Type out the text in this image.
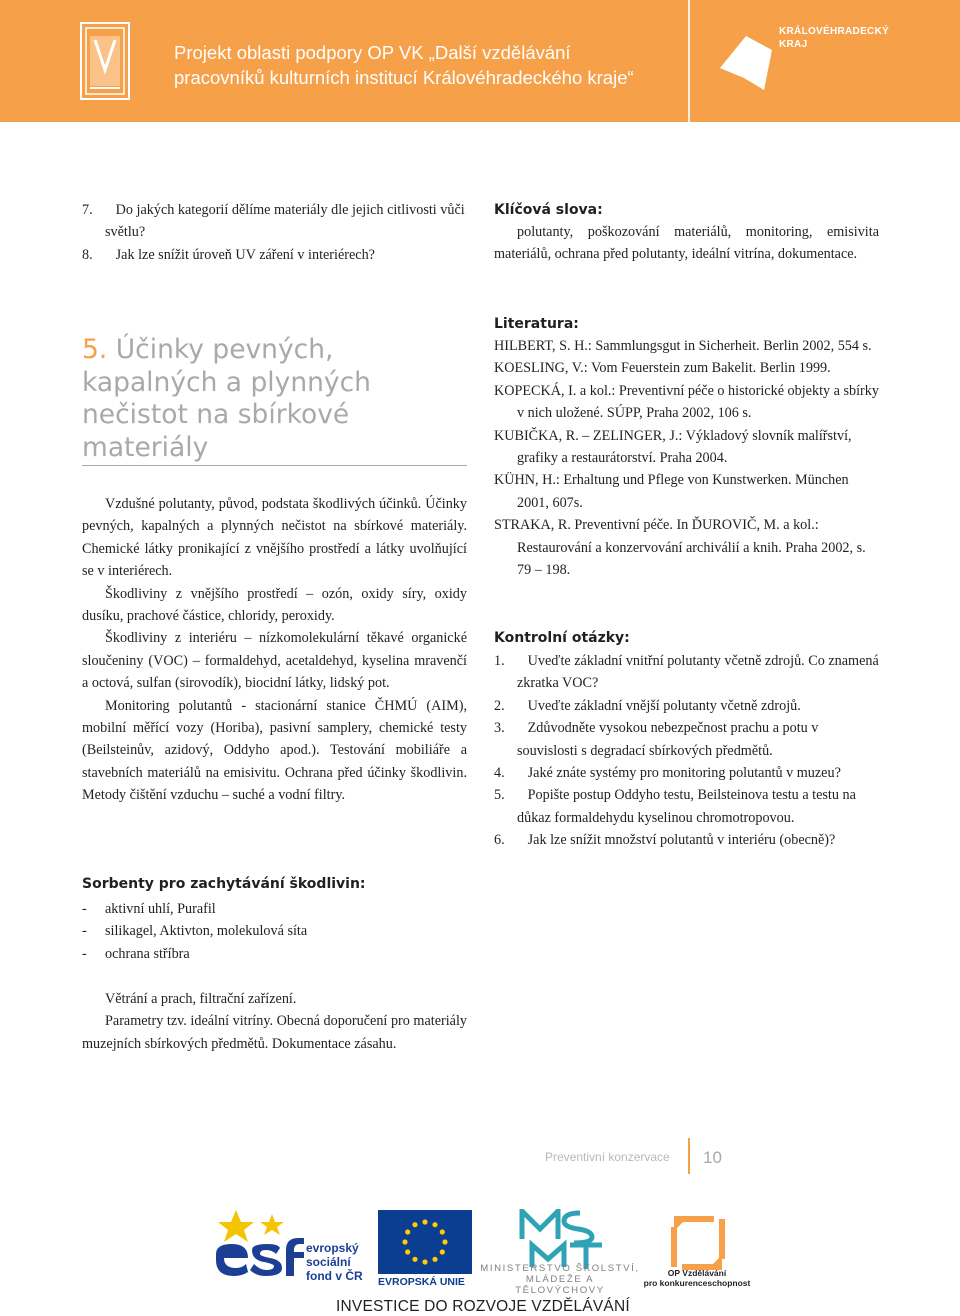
Projekt oblasti podpory OP VK „Další vzdělávání
pracovníků kulturních institucí Královéhradeckého kraje“
KRÁLOVÉHRADECKÝ
KRAJ
7. Do jakých kategorií dělíme materiály dle jejich citlivosti vůči světlu?
8. Jak lze snížit úroveň UV záření v interiérech?
5. Účinky pevných, kapalných a plynných nečistot na sbírkové materiály

Vzdušné polutanty, původ, podstata škodlivých účinků. Účinky pevných, kapalných a plynných nečistot na sbírkové materiály. Chemické látky pronikající z vnějšího prostředí a látky uvolňující se v interiérech.

Škodliviny z vnějšího prostředí – ozón, oxidy síry, oxidy dusíku, prachové částice, chloridy, peroxidy.

Škodliviny z interiéru – nízkomolekulární těkavé organické sloučeniny (VOC) – formaldehyd, acetaldehyd, kyselina mravenčí a octová, sulfan (sirovodík), biocidní látky, lidský pot.

Monitoring polutantů - stacionární stanice ČHMÚ (AIM), mobilní měřící vozy (Horiba), pasivní samplery, chemické testy (Beilsteinův, azidový, Oddyho apod.). Testování mobiliáře a stavebních materiálů na emisivitu. Ochrana před účinky škodlivin. Metody čištění vzduchu – suché a vodní filtry.

Sorbenty pro zachytávání škodlivin:
- aktivní uhlí, Purafil
- silikagel, Aktivton, molekulová síta
- ochrana stříbra

Větrání a prach, filtrační zařízení.

Parametry tzv. ideální vitríny. Obecná doporučení pro materiály muzejních sbírkových předmětů. Dokumentace zásahu.

Klíčová slova:

polutanty, poškozování materiálů, monitoring, emisivita materiálů, ochrana před polutanty, ideální vitrína, dokumentace.

Literatura:
HILBERT, S. H.: Sammlungsgut in Sicherheit. Berlin 2002, 554 s.
KOESLING, V.: Vom Feuerstein zum Bakelit. Berlin 1999.
KOPECKÁ, I. a kol.: Preventivní péče o historické objekty a sbírky v nich uložené. SÚPP, Praha 2002, 106 s.
KUBIČKA, R. – ZELINGER, J.: Výkladový slovník malířství, grafiky a restaurátorství. Praha 2004.
KÜHN, H.: Erhaltung und Pflege von Kunstwerken. München 2001, 607s.
STRAKA, R. Preventivní péče. In ĎUROVIČ, M. a kol.: Restaurování a konzervování archiválií a knih. Praha 2002, s. 79 – 198.
Kontrolní otázky:
1. Uveďte základní vnitřní polutanty včetně zdrojů. Co znamená zkratka VOC?
2. Uveďte základní vnější polutanty včetně zdrojů.
3. Zdůvodněte vysokou nebezpečnost prachu a potu v souvislosti s degradací sbírkových předmětů.
4. Jaké znáte systémy pro monitoring polutantů v muzeu?
5. Popište postup Oddyho testu, Beilsteinova testu a testu na důkaz formaldehydu kyselinou chromotropovou.
6. Jak lze snížit množství polutantů v interiéru (obecně)?
Preventivní konzervace 10
evropský
sociální
fond v ČR EVROPSKÁ UNIE
MINISTERSTVO ŠKOLSTVÍ,
MLÁDEŽE A TĚLOVÝCHOVY
OP Vzdělávání
pro konkurenceschopnost
INVESTICE DO ROZVOJE VZDĚLÁVÁNÍ
